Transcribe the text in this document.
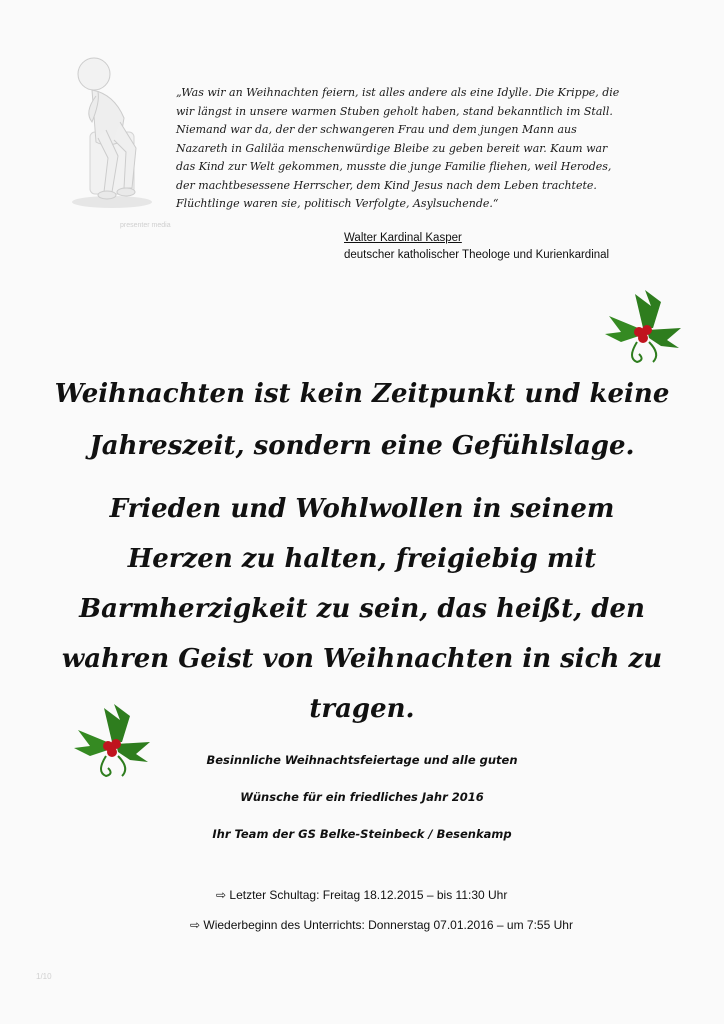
presenter media
„Was wir an Weihnachten feiern, ist alles andere als eine Idylle. Die Krippe, die wir längst in unsere warmen Stuben geholt haben, stand bekanntlich im Stall. Niemand war da, der der schwangeren Frau und dem jungen Mann aus Nazareth in Galiläa menschenwürdige Bleibe zu geben bereit war. Kaum war das Kind zur Welt gekommen, musste die junge Familie fliehen, weil Herodes, der machtbesessene Herrscher, dem Kind Jesus nach dem Leben trachtete. Flüchtlinge waren sie, politisch Verfolgte, Asylsuchende.“
Walter Kardinal Kasper
deutscher katholischer Theologe und Kurienkardinal
Weihnachten ist kein Zeitpunkt und keine Jahreszeit, sondern eine Gefühlslage.
Frieden und Wohlwollen in seinem Herzen zu halten, freigiebig mit Barmherzigkeit zu sein, das heißt, den wahren Geist von Weihnachten in sich zu tragen.
Besinnliche Weihnachtsfeiertage und alle guten
Wünsche für ein friedliches Jahr 2016
Ihr Team der GS Belke-Steinbeck / Besenkamp
⇨ Letzter Schultag: Freitag 18.12.2015 – bis 11:30 Uhr
⇨ Wiederbeginn des Unterrichts: Donnerstag 07.01.2016 – um 7:55 Uhr
1/10
